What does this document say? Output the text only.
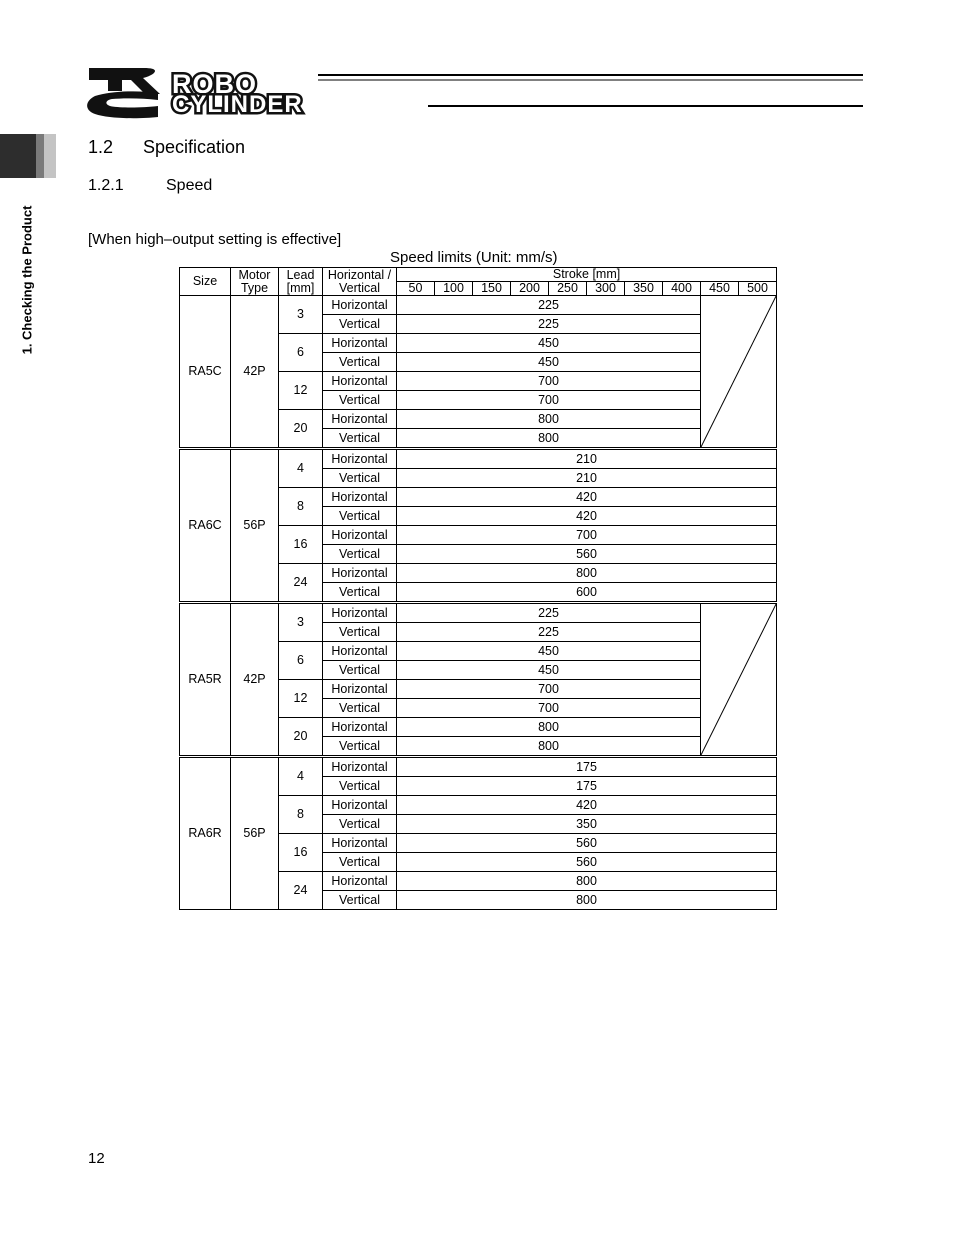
ROBO
CYLINDER
1. Checking the Product
1.2 Specification
1.2.1	Speed
[When high–output setting is effective]
Speed limits (Unit: mm/s)
Size	Motor Type	Lead [mm]	Horizontal / Vertical	Stroke [mm]									
				50	100	150	200	250	300	350	400	450	500
RA5C	42P	3	Horizontal	225	

			Vertical	225									
		6	Horizontal	450									
			Vertical	450									
		12	Horizontal	700									
			Vertical	700									
		20	Horizontal	800									
			Vertical	800									
RA6C	56P	4	Horizontal	210									
			Vertical	210									
		8	Horizontal	420									
			Vertical	420									
		16	Horizontal	700									
			Vertical	560									
		24	Horizontal	800									
			Vertical	600									
RA5R	42P	3	Horizontal	225	

			Vertical	225									
		6	Horizontal	450									
			Vertical	450									
		12	Horizontal	700									
			Vertical	700									
		20	Horizontal	800									
			Vertical	800									
RA6R	56P	4	Horizontal	175									
			Vertical	175									
		8	Horizontal	420									
			Vertical	350									
		16	Horizontal	560									
			Vertical	560									
		24	Horizontal	800									
			Vertical	800									
12
